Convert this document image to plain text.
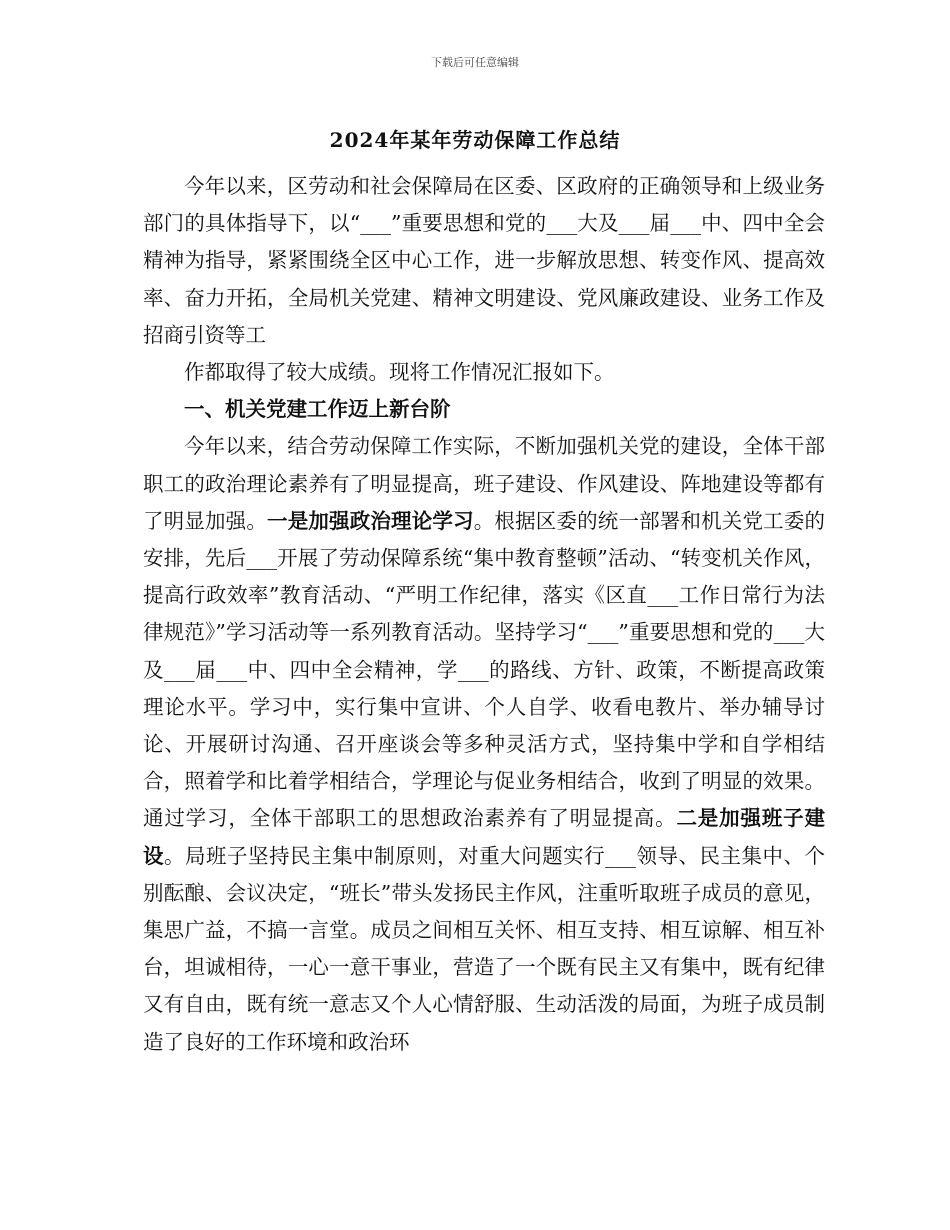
下载后可任意编辑
2024年某年劳动保障工作总结

今年以来，区劳动和社会保障局在区委、区政府的正确领导和上级业务部门的具体指导下，以“___”重要思想和党的___大及___届___中、四中全会精神为指导，紧紧围绕全区中心工作，进一步解放思想、转变作风、提高效率、奋力开拓，全局机关党建、精神文明建设、党风廉政建设、业务工作及招商引资等工

作都取得了较大成绩。现将工作情况汇报如下。

一、机关党建工作迈上新台阶

今年以来，结合劳动保障工作实际，不断加强机关党的建设，全体干部职工的政治理论素养有了明显提高，班子建设、作风建设、阵地建设等都有了明显加强。一是加强政治理论学习。根据区委的统一部署和机关党工委的安排，先后___开展了劳动保障系统“集中教育整顿”活动、“转变机关作风，提高行政效率”教育活动、“严明工作纪律，落实《区直___工作日常行为法律规范》”学习活动等一系列教育活动。坚持学习“___”重要思想和党的___大及___届___中、四中全会精神，学___的路线、方针、政策，不断提高政策理论水平。学习中，实行集中宣讲、个人自学、收看电教片、举办辅导讨论、开展研讨沟通、召开座谈会等多种灵活方式，坚持集中学和自学相结合，照着学和比着学相结合，学理论与促业务相结合，收到了明显的效果。通过学习，全体干部职工的思想政治素养有了明显提高。二是加强班子建设。局班子坚持民主集中制原则，对重大问题实行___领导、民主集中、个别酝酿、会议决定，“班长”带头发扬民主作风，注重听取班子成员的意见，集思广益，不搞一言堂。成员之间相互关怀、相互支持、相互谅解、相互补台，坦诚相待，一心一意干事业，营造了一个既有民主又有集中，既有纪律又有自由，既有统一意志又个人心情舒服、生动活泼的局面，为班子成员制造了良好的工作环境和政治环
